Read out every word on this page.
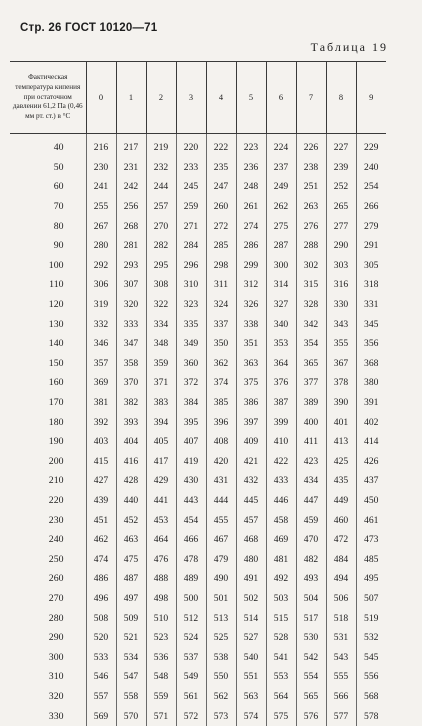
Стр. 26 ГОСТ 10120—71
Таблица 19
Фактическая температура кипения при остаточном давлении 61,2 Па (0,46 мм рт. ст.) в °С	0	1	2	3	4	5	6	7	8	9
40	216	217	219	220	222	223	224	226	227	229
50	230	231	232	233	235	236	237	238	239	240
60	241	242	244	245	247	248	249	251	252	254
70	255	256	257	259	260	261	262	263	265	266
80	267	268	270	271	272	274	275	276	277	279
90	280	281	282	284	285	286	287	288	290	291
100	292	293	295	296	298	299	300	302	303	305
110	306	307	308	310	311	312	314	315	316	318
120	319	320	322	323	324	326	327	328	330	331
130	332	333	334	335	337	338	340	342	343	345
140	346	347	348	349	350	351	353	354	355	356
150	357	358	359	360	362	363	364	365	367	368
160	369	370	371	372	374	375	376	377	378	380
170	381	382	383	384	385	386	387	389	390	391
180	392	393	394	395	396	397	399	400	401	402
190	403	404	405	407	408	409	410	411	413	414
200	415	416	417	419	420	421	422	423	425	426
210	427	428	429	430	431	432	433	434	435	437
220	439	440	441	443	444	445	446	447	449	450
230	451	452	453	454	455	457	458	459	460	461
240	462	463	464	466	467	468	469	470	472	473
250	474	475	476	478	479	480	481	482	484	485
260	486	487	488	489	490	491	492	493	494	495
270	496	497	498	500	501	502	503	504	506	507
280	508	509	510	512	513	514	515	517	518	519
290	520	521	523	524	525	527	528	530	531	532
300	533	534	536	537	538	540	541	542	543	545
310	546	547	548	549	550	551	553	554	555	556
320	557	558	559	561	562	563	564	565	566	568
330	569	570	571	572	573	574	575	576	577	578
